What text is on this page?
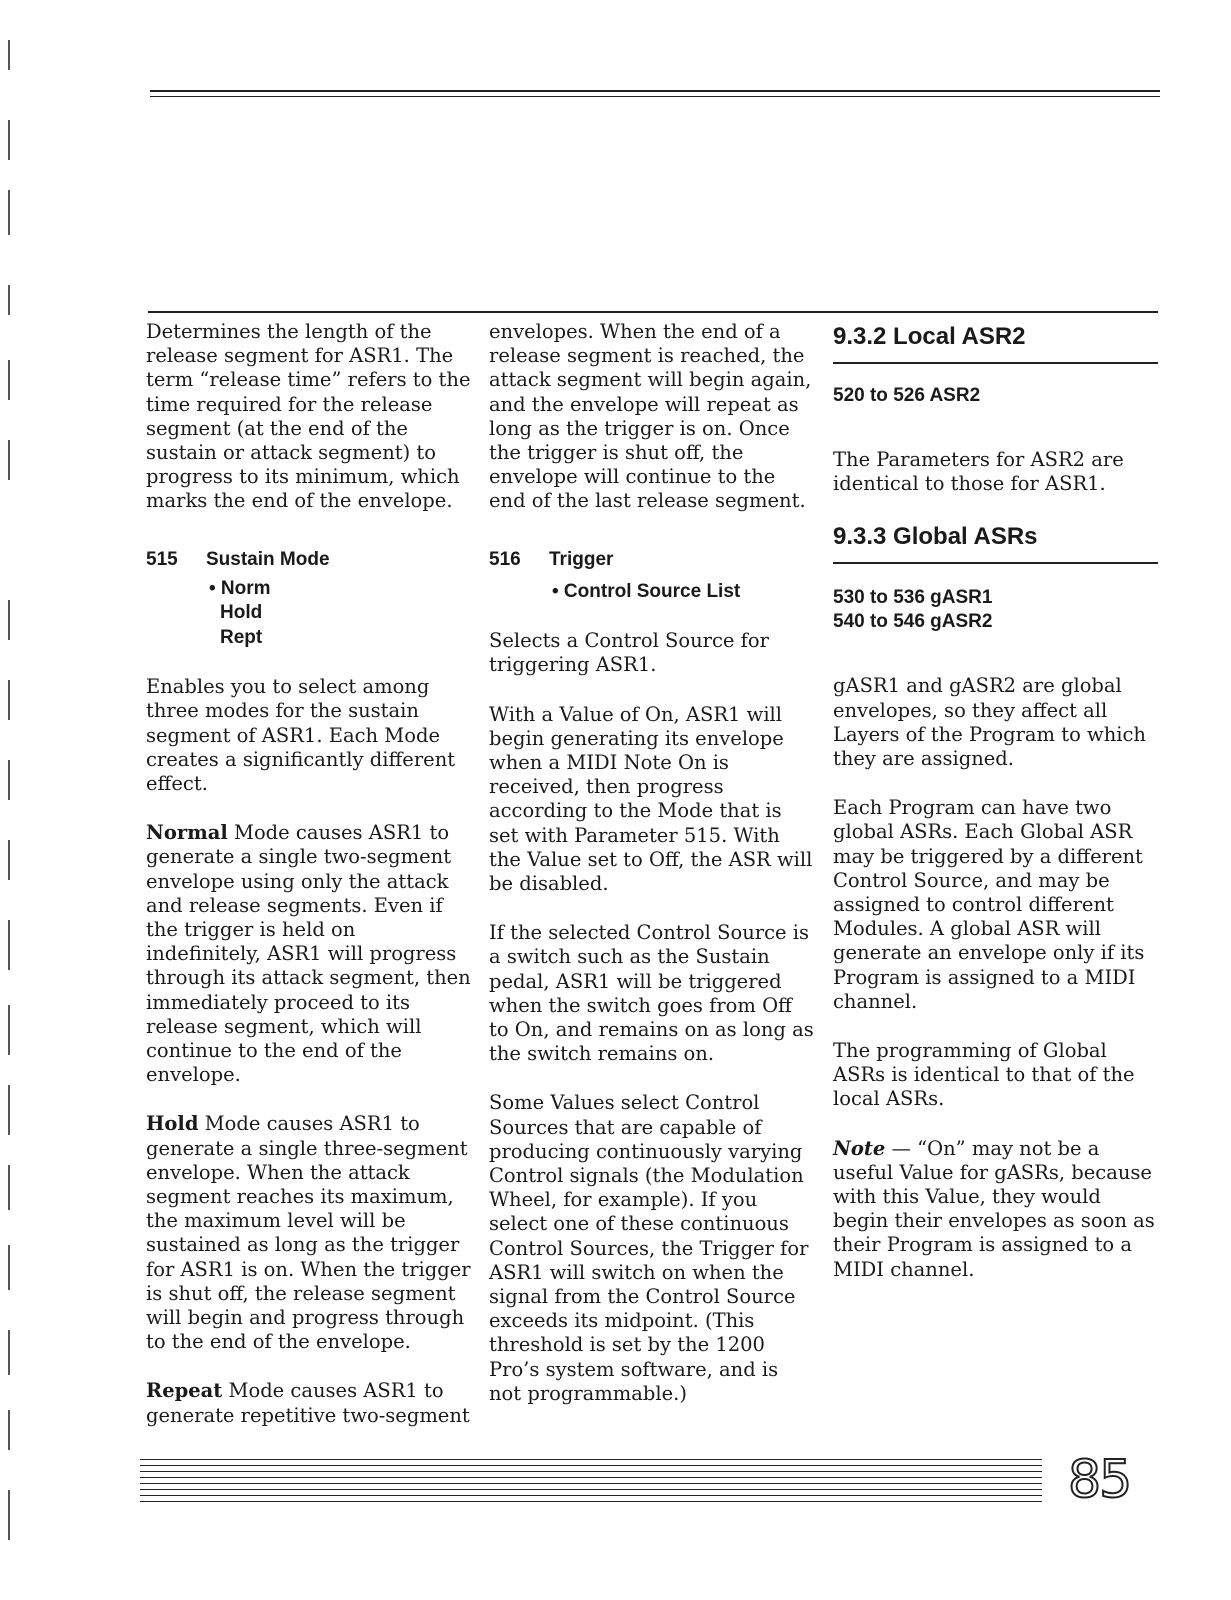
Determines the length of the release segment for ASR1. The term “release time” refers to the time required for the release segment (at the end of the sustain or attack segment) to progress to its minimum, which marks the end of the envelope.

515 Sustain Mode
• Norm
Hold
Rept

Enables you to select among three modes for the sustain segment of ASR1. Each Mode creates a significantly different effect.

Normal Mode causes ASR1 to generate a single two-segment envelope using only the attack and release segments. Even if the trigger is held on indefinitely, ASR1 will progress through its attack segment, then immediately proceed to its release segment, which will continue to the end of the envelope.

Hold Mode causes ASR1 to generate a single three-segment envelope. When the attack segment reaches its maximum, the maximum level will be sustained as long as the trigger for ASR1 is on. When the trigger is shut off, the release segment will begin and progress through to the end of the envelope.

Repeat Mode causes ASR1 to generate repetitive two-segment

envelopes. When the end of a release segment is reached, the attack segment will begin again, and the envelope will repeat as long as the trigger is on. Once the trigger is shut off, the envelope will continue to the end of the last release segment.

516 Trigger
• Control Source List

Selects a Control Source for triggering ASR1.

With a Value of On, ASR1 will begin generating its envelope when a MIDI Note On is received, then progress according to the Mode that is set with Parameter 515. With the Value set to Off, the ASR will be disabled.

If the selected Control Source is a switch such as the Sustain pedal, ASR1 will be triggered when the switch goes from Off to On, and remains on as long as the switch remains on.

Some Values select Control Sources that are capable of producing continuously varying Control signals (the Modulation Wheel, for example). If you select one of these continuous Control Sources, the Trigger for ASR1 will switch on when the signal from the Control Source exceeds its midpoint. (This threshold is set by the 1200 Pro’s system software, and is not programmable.)

9.3.2 Local ASR2
520 to 526 ASR2

The Parameters for ASR2 are identical to those for ASR1.

9.3.3 Global ASRs
530 to 536 gASR1
540 to 546 gASR2

gASR1 and gASR2 are global envelopes, so they affect all Layers of the Program to which they are assigned.

Each Program can have two global ASRs. Each Global ASR may be triggered by a different Control Source, and may be assigned to control different Modules. A global ASR will generate an envelope only if its Program is assigned to a MIDI channel.

The programming of Global ASRs is identical to that of the local ASRs.

Note — “On” may not be a useful Value for gASRs, because with this Value, they would begin their envelopes as soon as their Program is assigned to a MIDI channel.

85
